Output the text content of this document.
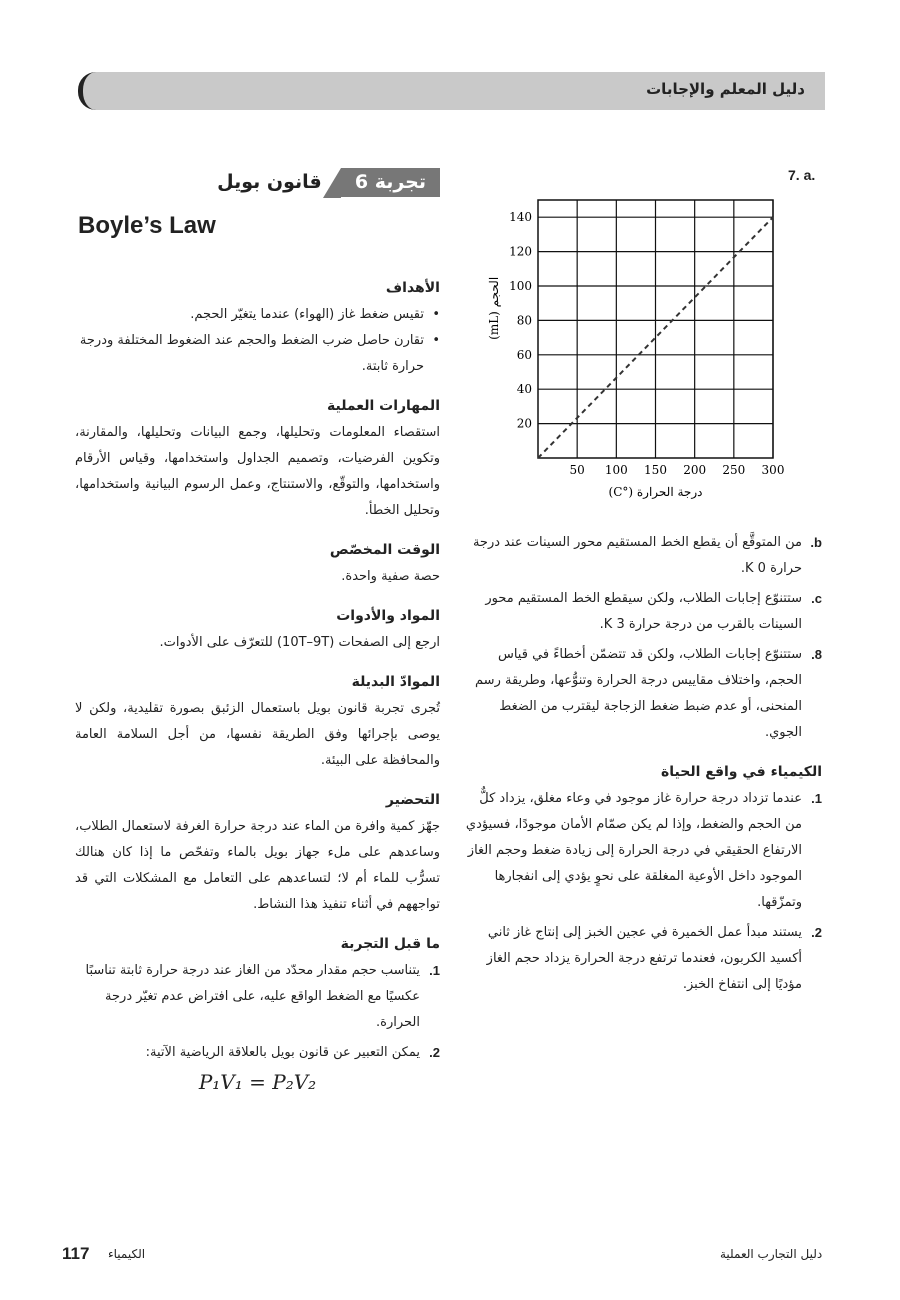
دليل المعلم والإجابات
تجربة 6 قانون بويل
Boyle’s Law
الأهداف
• تقيس ضغط غاز (الهواء) عندما يتغيّر الحجم.
• تقارن حاصل ضرب الضغط والحجم عند الضغوط المختلفة ودرجة حرارة ثابتة.
المهارات العملية

استقصاء المعلومات وتحليلها، وجمع البيانات وتحليلها، والمقارنة، وتكوين الفرضيات، وتصميم الجداول واستخدامها، وقياس الأرقام واستخدامها، والتوقّع، والاستنتاج، وعمل الرسوم البيانية واستخدامها، وتحليل الخطأ.

الوقت المخصّص

حصة صفية واحدة.

المواد والأدوات

ارجع إلى الصفحات (10T–9T) للتعرّف على الأدوات.

الموادّ البديلة

تُجرى تجربة قانون بويل باستعمال الزئبق بصورة تقليدية، ولكن لا يوصى بإجرائها وفق الطريقة نفسها، من أجل السلامة العامة والمحافظة على البيئة.

التحضير

جهّز كمية وافرة من الماء عند درجة حرارة الغرفة لاستعمال الطلاب، وساعدهم على ملء جهاز بويل بالماء وتفحّص ما إذا كان هنالك تسرُّب للماء أم لا؛ لتساعدهم على التعامل مع المشكلات التي قد تواجههم في أثناء تنفيذ هذا النشاط.

ما قبل التجربة
1.
يتناسب حجم مقدار محدّد من الغاز عند درجة حرارة ثابتة تناسبًا عكسيًا مع الضغط الواقع عليه، على افتراض عدم تغيّر درجة الحرارة.
2.
يمكن التعبير عن قانون بويل بالعلاقة الرياضية الآتية:
P₁V₁ = P₂V₂
7. a.
50 100 150 200 250 300
20
40
60
80
100
120
140
درجة الحرارة (°C)
الحجم (mL)
b.
من المتوقَّع أن يقطع الخط المستقيم محور السينات عند درجة حرارة 0 K.
c.
ستتنوّع إجابات الطلاب، ولكن سيقطع الخط المستقيم محور السينات بالقرب من درجة حرارة 3 K.
8.
ستتنوّع إجابات الطلاب، ولكن قد تتضمّن أخطاءً في قياس الحجم، واختلاف مقاييس درجة الحرارة وتنوُّعها، وطريقة رسم المنحنى، أو عدم ضبط ضغط الزجاجة ليقترب من الضغط الجوي.
الكيمياء في واقع الحياة
1.
عندما تزداد درجة حرارة غاز موجود في وعاء مغلق، يزداد كلٌّ من الحجم والضغط، وإذا لم يكن صمّام الأمان موجودًا، فسيؤدي الارتفاع الحقيقي في درجة الحرارة إلى زيادة ضغط وحجم الغاز الموجود داخل الأوعية المغلقة على نحوٍ يؤدي إلى انفجارها وتمزّقها.
2.
يستند مبدأ عمل الخميرة في عجين الخبز إلى إنتاج غاز ثاني أكسيد الكربون، فعندما ترتفع درجة الحرارة يزداد حجم الغاز مؤديًا إلى انتفاخ الخبز.
117 الكيمياء	دليل التجارب العملية
